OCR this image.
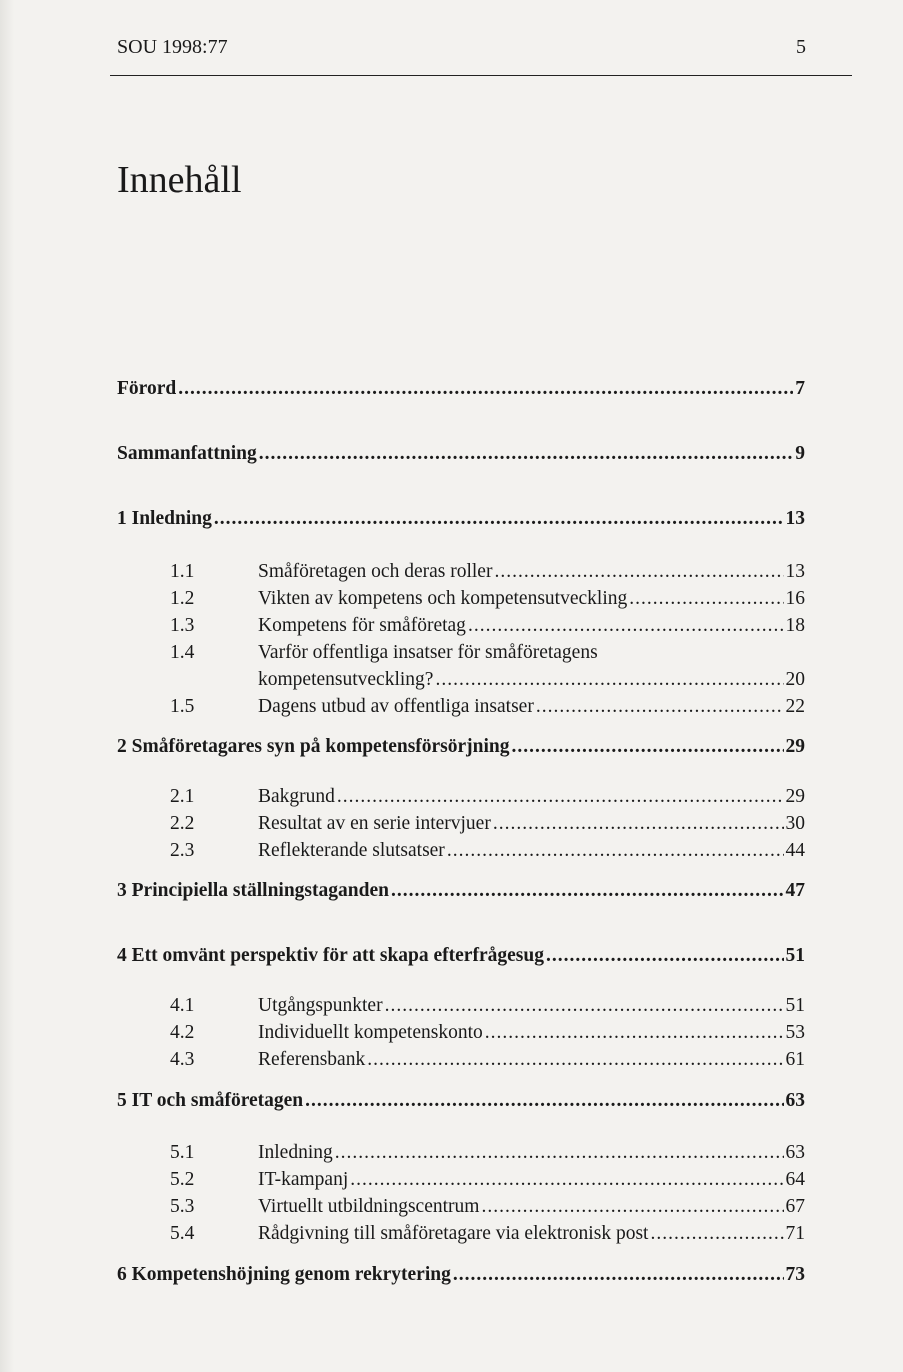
SOU 1998:77	5
Innehåll
Förord .....	7
Sammanfattning .....	9
1 Inledning .....	13
1.1	Småföretagen och deras roller .....	13
1.2	Vikten av kompetens och kompetensutveckling .....	16
1.3	Kompetens för småföretag .....	18
1.4	Varför offentliga insatser för småföretagens
kompetensutveckling? .....	20
1.5	Dagens utbud av offentliga insatser .....	22
2 Småföretagares syn på kompetensförsörjning .....	29
2.1	Bakgrund .....	29
2.2	Resultat av en serie intervjuer .....	30
2.3	Reflekterande slutsatser .....	44
3 Principiella ställningstaganden .....	47
4 Ett omvänt perspektiv för att skapa efterfrågesug .....	51
4.1	Utgångspunkter .....	51
4.2	Individuellt kompetenskonto .....	53
4.3	Referensbank .....	61
5 IT och småföretagen .....	63
5.1	Inledning .....	63
5.2	IT-kampanj .....	64
5.3	Virtuellt utbildningscentrum .....	67
5.4	Rådgivning till småföretagare via elektronisk post .....	71
6 Kompetenshöjning genom rekrytering .....	73
